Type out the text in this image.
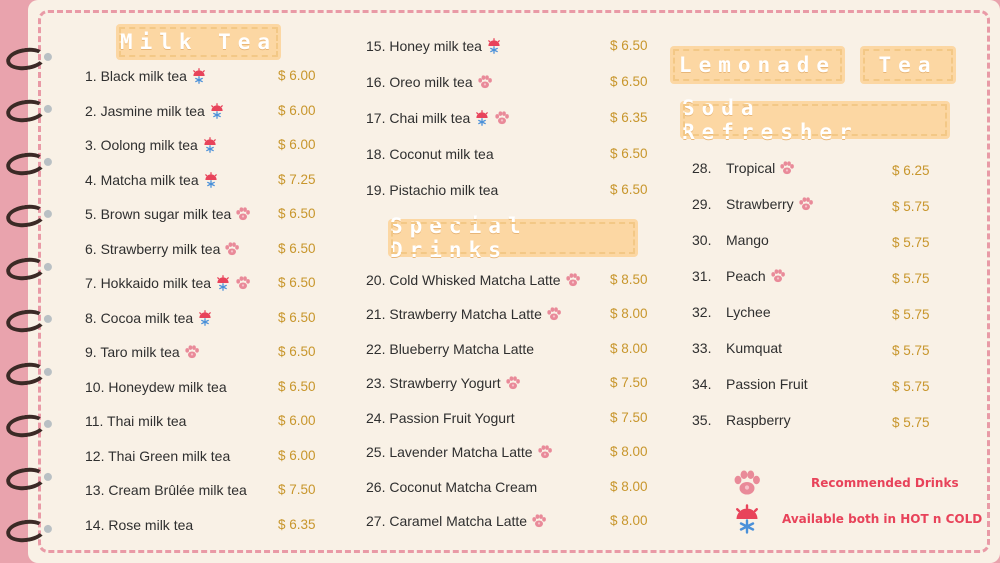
Milk Tea
Special Drinks
Lemonade	Tea
Soda Refresher
1. Black milk tea	$ 6.00
2. Jasmine milk tea	$ 6.00
3. Oolong milk tea	$ 6.00
4. Matcha milk tea	$ 7.25
5. Brown sugar milk tea	$ 6.50
6. Strawberry milk tea	$ 6.50
7. Hokkaido milk tea	$ 6.50
8. Cocoa milk tea	$ 6.50
9. Taro milk tea	$ 6.50
10. Honeydew milk tea	$ 6.50
11. Thai milk tea	$ 6.00
12. Thai Green milk tea	$ 6.00
13. Cream Brûlée milk tea $ 7.50
14. Rose milk tea	$ 6.35
15. Honey milk tea	$ 6.50
16. Oreo milk tea	$ 6.50
17. Chai milk tea	$ 6.35
18. Coconut milk tea	$ 6.50
19. Pistachio milk tea	$ 6.50
20. Cold Whisked Matcha Latte	$ 8.50
21. Strawberry Matcha Latte	$ 8.00
22. Blueberry Matcha Latte	$ 8.00
23. Strawberry Yogurt	$ 7.50
24. Passion Fruit Yogurt	$ 7.50
25. Lavender Matcha Latte	$ 8.00
26. Coconut Matcha Cream	$ 8.00
27. Caramel Matcha Latte	$ 8.00
28.	Tropical	$ 6.25
29.	Strawberry	$ 5.75
30.	Mango	$ 5.75
31.	Peach	$ 5.75
32.	Lychee	$ 5.75
33.	Kumquat	$ 5.75
34.	Passion Fruit	$ 5.75
35.	Raspberry	$ 5.75
Recommended Drinks
Available both in HOT n COLD
